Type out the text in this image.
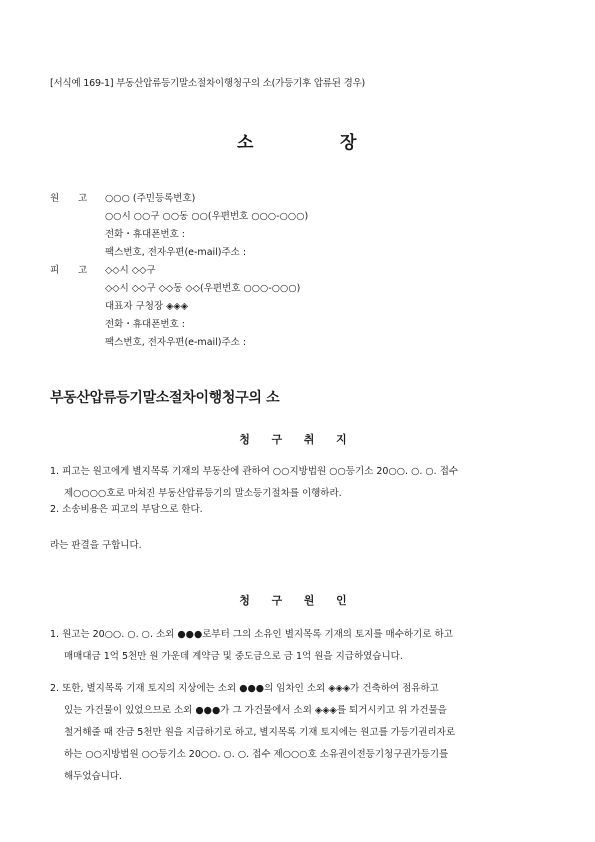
[서식예 169-1] 부동산압류등기말소절차이행청구의 소(가등기후 압류된 경우)
소	장
원 고 ○○○ (주민등록번호)
○○시 ○○구 ○○동 ○○(우편번호 ○○○-○○○)
전화・휴대폰번호 :
팩스번호, 전자우편(e-mail)주소 :
피 고 ◇◇시 ◇◇구
◇◇시 ◇◇구 ◇◇동 ◇◇(우편번호 ○○○-○○○)
대표자 구청장 ◈◈◈
전화・휴대폰번호 :
팩스번호, 전자우편(e-mail)주소 :
부동산압류등기말소절차이행청구의 소
청 구 취 지
1. 피고는 원고에게 별지목록 기재의 부동산에 관하여 ○○지방법원 ○○등기소 20○○. ○. ○. 접수
제○○○○호로 마쳐진 부동산압류등기의 말소등기절차를 이행하라.
2. 소송비용은 피고의 부담으로 한다.
라는 판결을 구합니다.
청 구 원 인
1. 원고는 20○○. ○. ○. 소외 ●●●로부터 그의 소유인 별지목록 기재의 토지를 매수하기로 하고
매매대금 1억 5천만 원 가운데 계약금 및 중도금으로 금 1억 원을 지급하였습니다.
2. 또한, 별지목록 기재 토지의 지상에는 소외 ●●●의 임차인 소외 ◈◈◈가 건축하여 점유하고
있는 가건물이 있었으므로 소외 ●●●가 그 가건물에서 소외 ◈◈◈를 퇴거시키고 위 가건물을
철거해줄 때 잔금 5천만 원을 지급하기로 하고, 별지목록 기재 토지에는 원고를 가등기권리자로
하는 ○○지방법원 ○○등기소 20○○. ○. ○. 접수 제○○○호 소유권이전등기청구권가등기를
해두었습니다.
